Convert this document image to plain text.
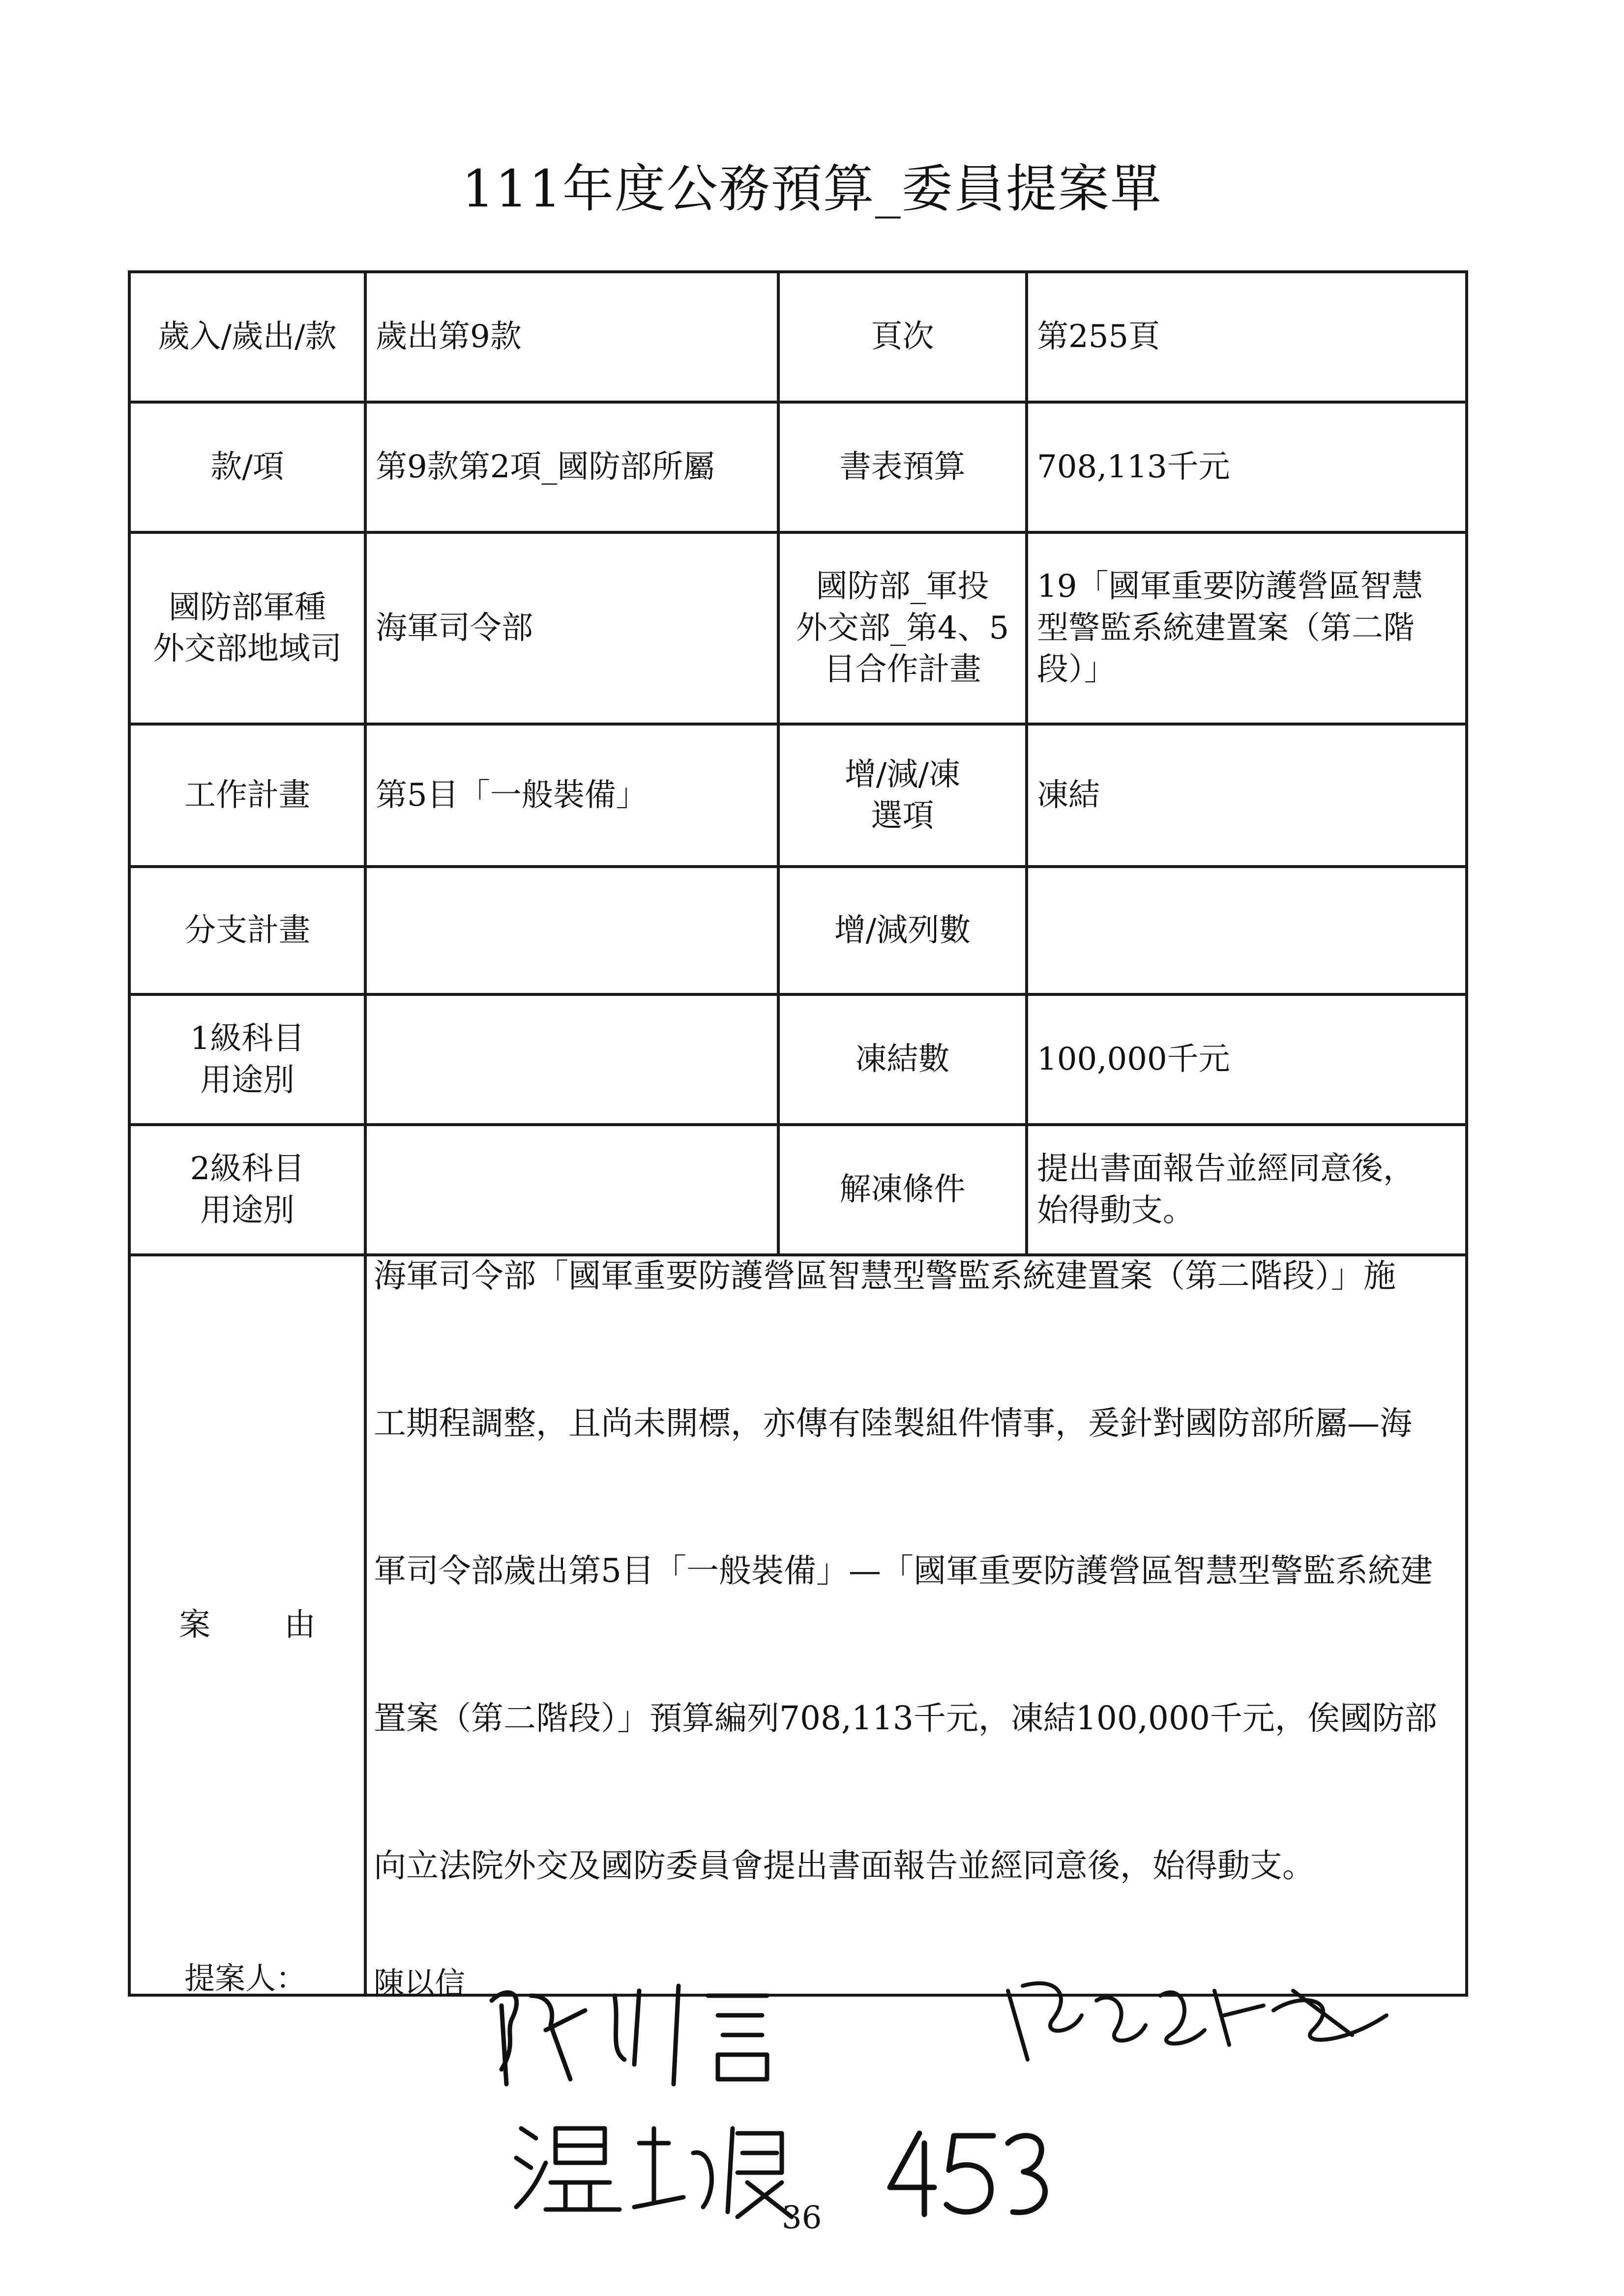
111年度公務預算_委員提案單
歲入/歲出/款	歲出第9款	頁次	第255頁
款/項	第9款第2項_國防部所屬	書表預算	708,113千元

國防部軍種
外交部地域司	海軍司令部	國防部_軍投
外交部_第4、5
目合作計畫	19「國軍重要防護營區智慧
型警監系統建置案（第二階
段）」

工作計畫	第5目「一般裝備」	增/減/凍
選項	凍結
分支計畫		增/減列數	

1級科目
用途別		凍結數	100,000千元

2級科目
用途別		解凍條件	提出書面報告並經同意後，
始得動支。

案 由	海軍司令部「國軍重要防護營區智慧型警監系統建置案（第二階段）」施
工期程調整，且尚未開標，亦傳有陸製組件情事，爰針對國防部所屬—海
軍司令部歲出第5目「一般裝備」—「國軍重要防護營區智慧型警監系統建
置案（第二階段）」預算編列708,113千元，凍結100,000千元，俟國防部
向立法院外交及國防委員會提出書面報告並經同意後，始得動支。		
提案人： 陳以信
36
